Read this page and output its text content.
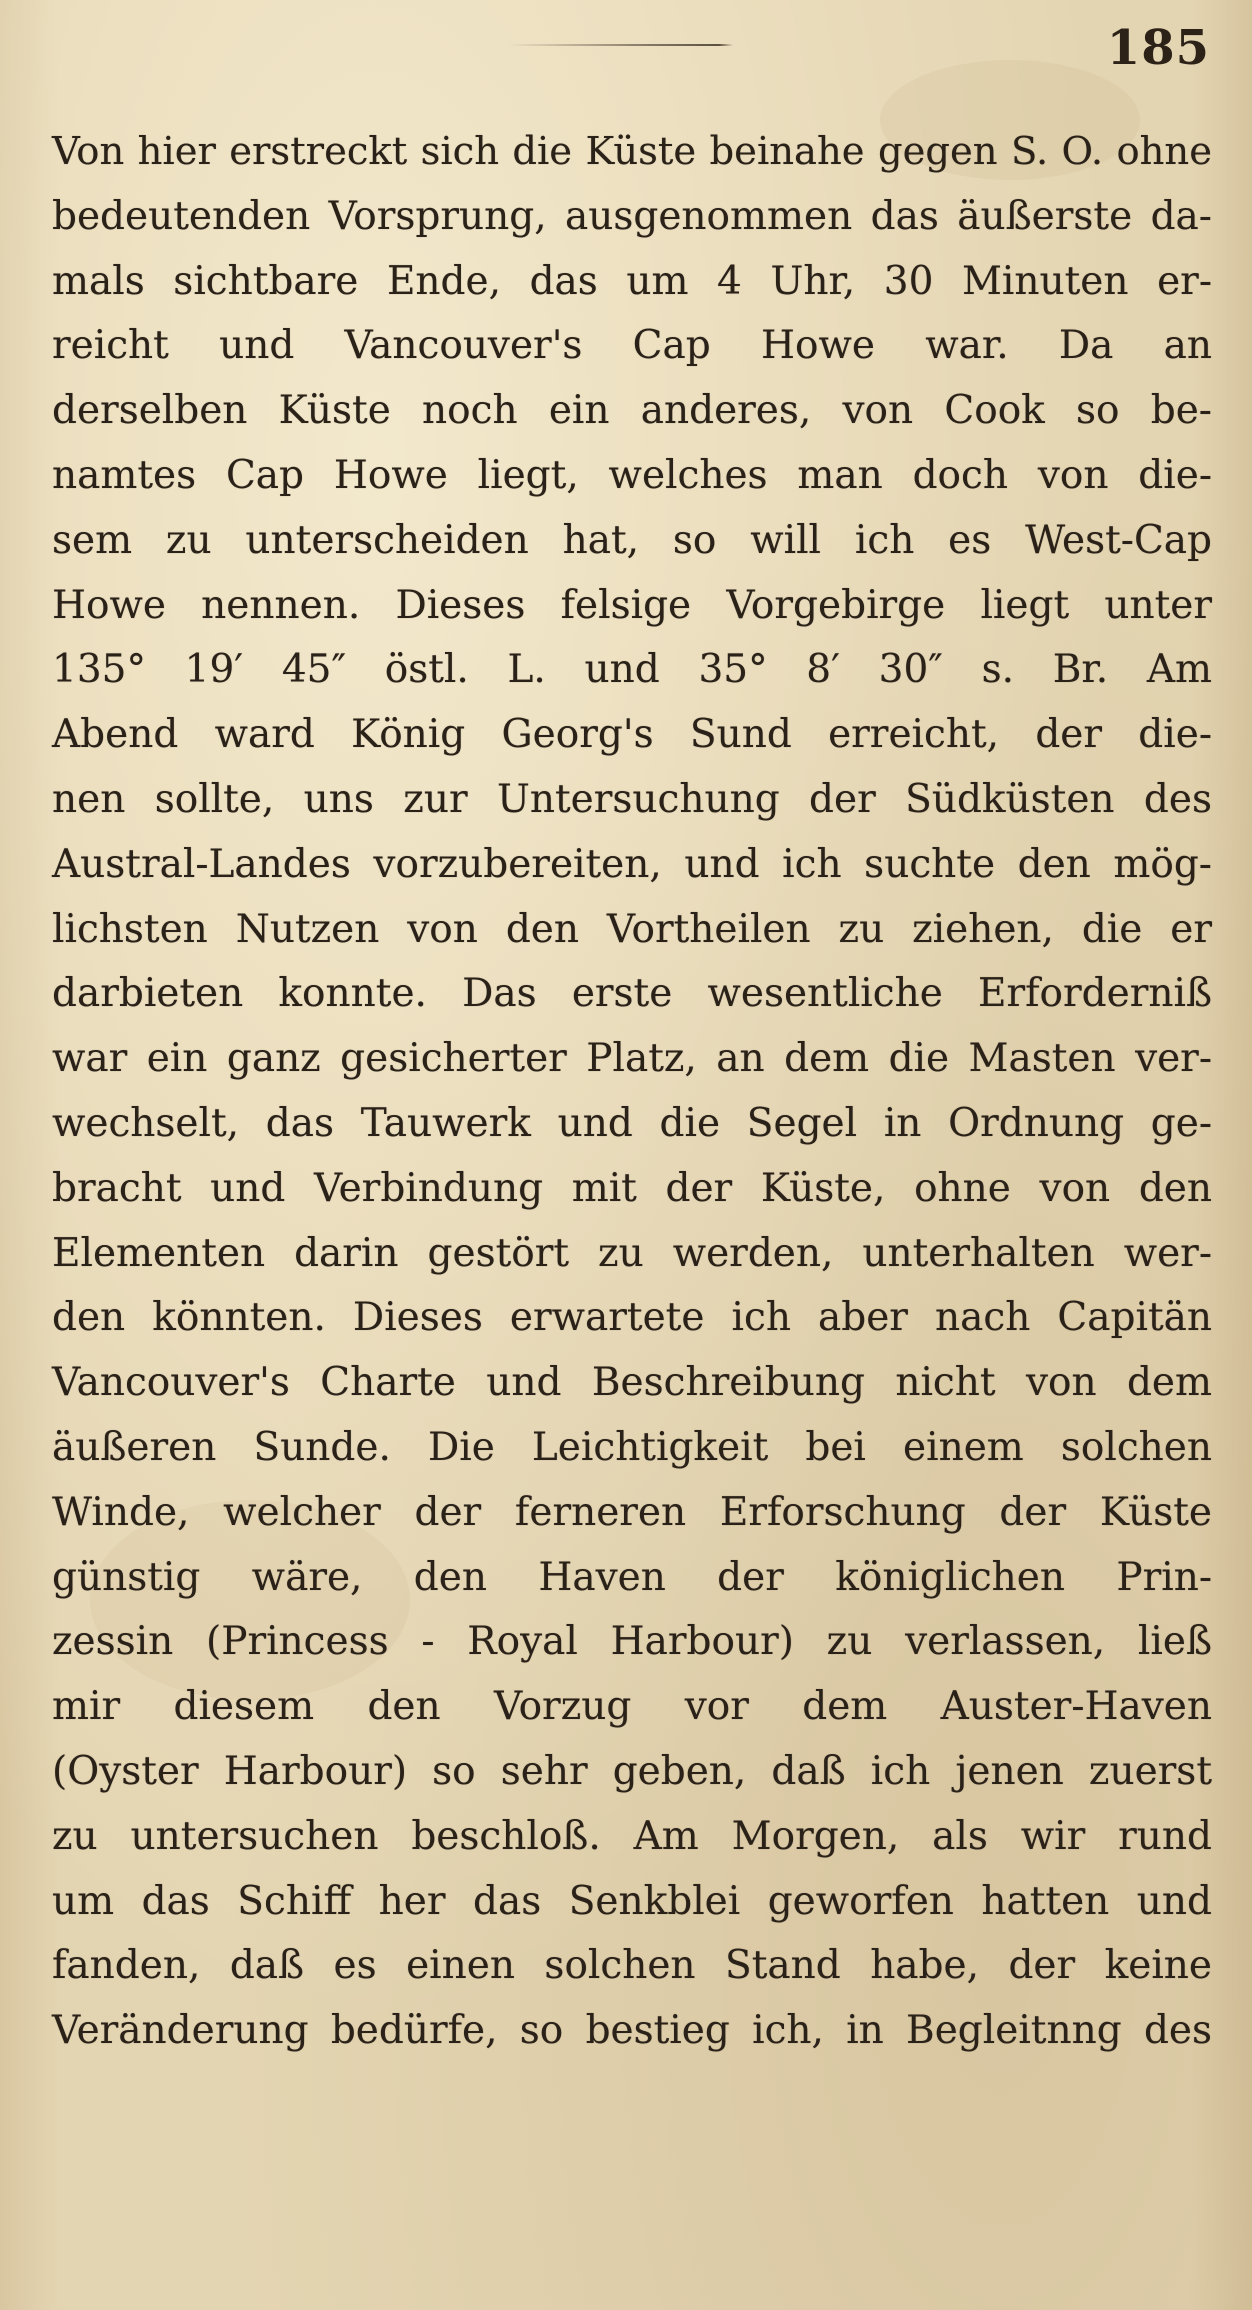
185
Von hier erstreckt sich die Küste beinahe gegen S. O. ohne
bedeutenden Vorsprung, ausgenommen das äußerste da-
mals sichtbare Ende, das um 4 Uhr, 30 Minuten er-
reicht und Vancouver's Cap Howe war. Da an
derselben Küste noch ein anderes, von Cook so be-
namtes Cap Howe liegt, welches man doch von die-
sem zu unterscheiden hat, so will ich es West-Cap
Howe nennen. Dieses felsige Vorgebirge liegt unter
135° 19′ 45″ östl. L. und 35° 8′ 30″ s. Br. Am
Abend ward König Georg's Sund erreicht, der die-
nen sollte, uns zur Untersuchung der Südküsten des
Austral-Landes vorzubereiten, und ich suchte den mög-
lichsten Nutzen von den Vortheilen zu ziehen, die er
darbieten konnte. Das erste wesentliche Erforderniß
war ein ganz gesicherter Platz, an dem die Masten ver-
wechselt, das Tauwerk und die Segel in Ordnung ge-
bracht und Verbindung mit der Küste, ohne von den
Elementen darin gestört zu werden, unterhalten wer-
den könnten. Dieses erwartete ich aber nach Capitän
Vancouver's Charte und Beschreibung nicht von dem
äußeren Sunde. Die Leichtigkeit bei einem solchen
Winde, welcher der ferneren Erforschung der Küste
günstig wäre, den Haven der königlichen Prin-
zessin (Princess - Royal Harbour) zu verlassen, ließ
mir diesem den Vorzug vor dem Auster-Haven
(Oyster Harbour) so sehr geben, daß ich jenen zuerst
zu untersuchen beschloß. Am Morgen, als wir rund
um das Schiff her das Senkblei geworfen hatten und
fanden, daß es einen solchen Stand habe, der keine
Veränderung bedürfe, so bestieg ich, in Begleitnng des
